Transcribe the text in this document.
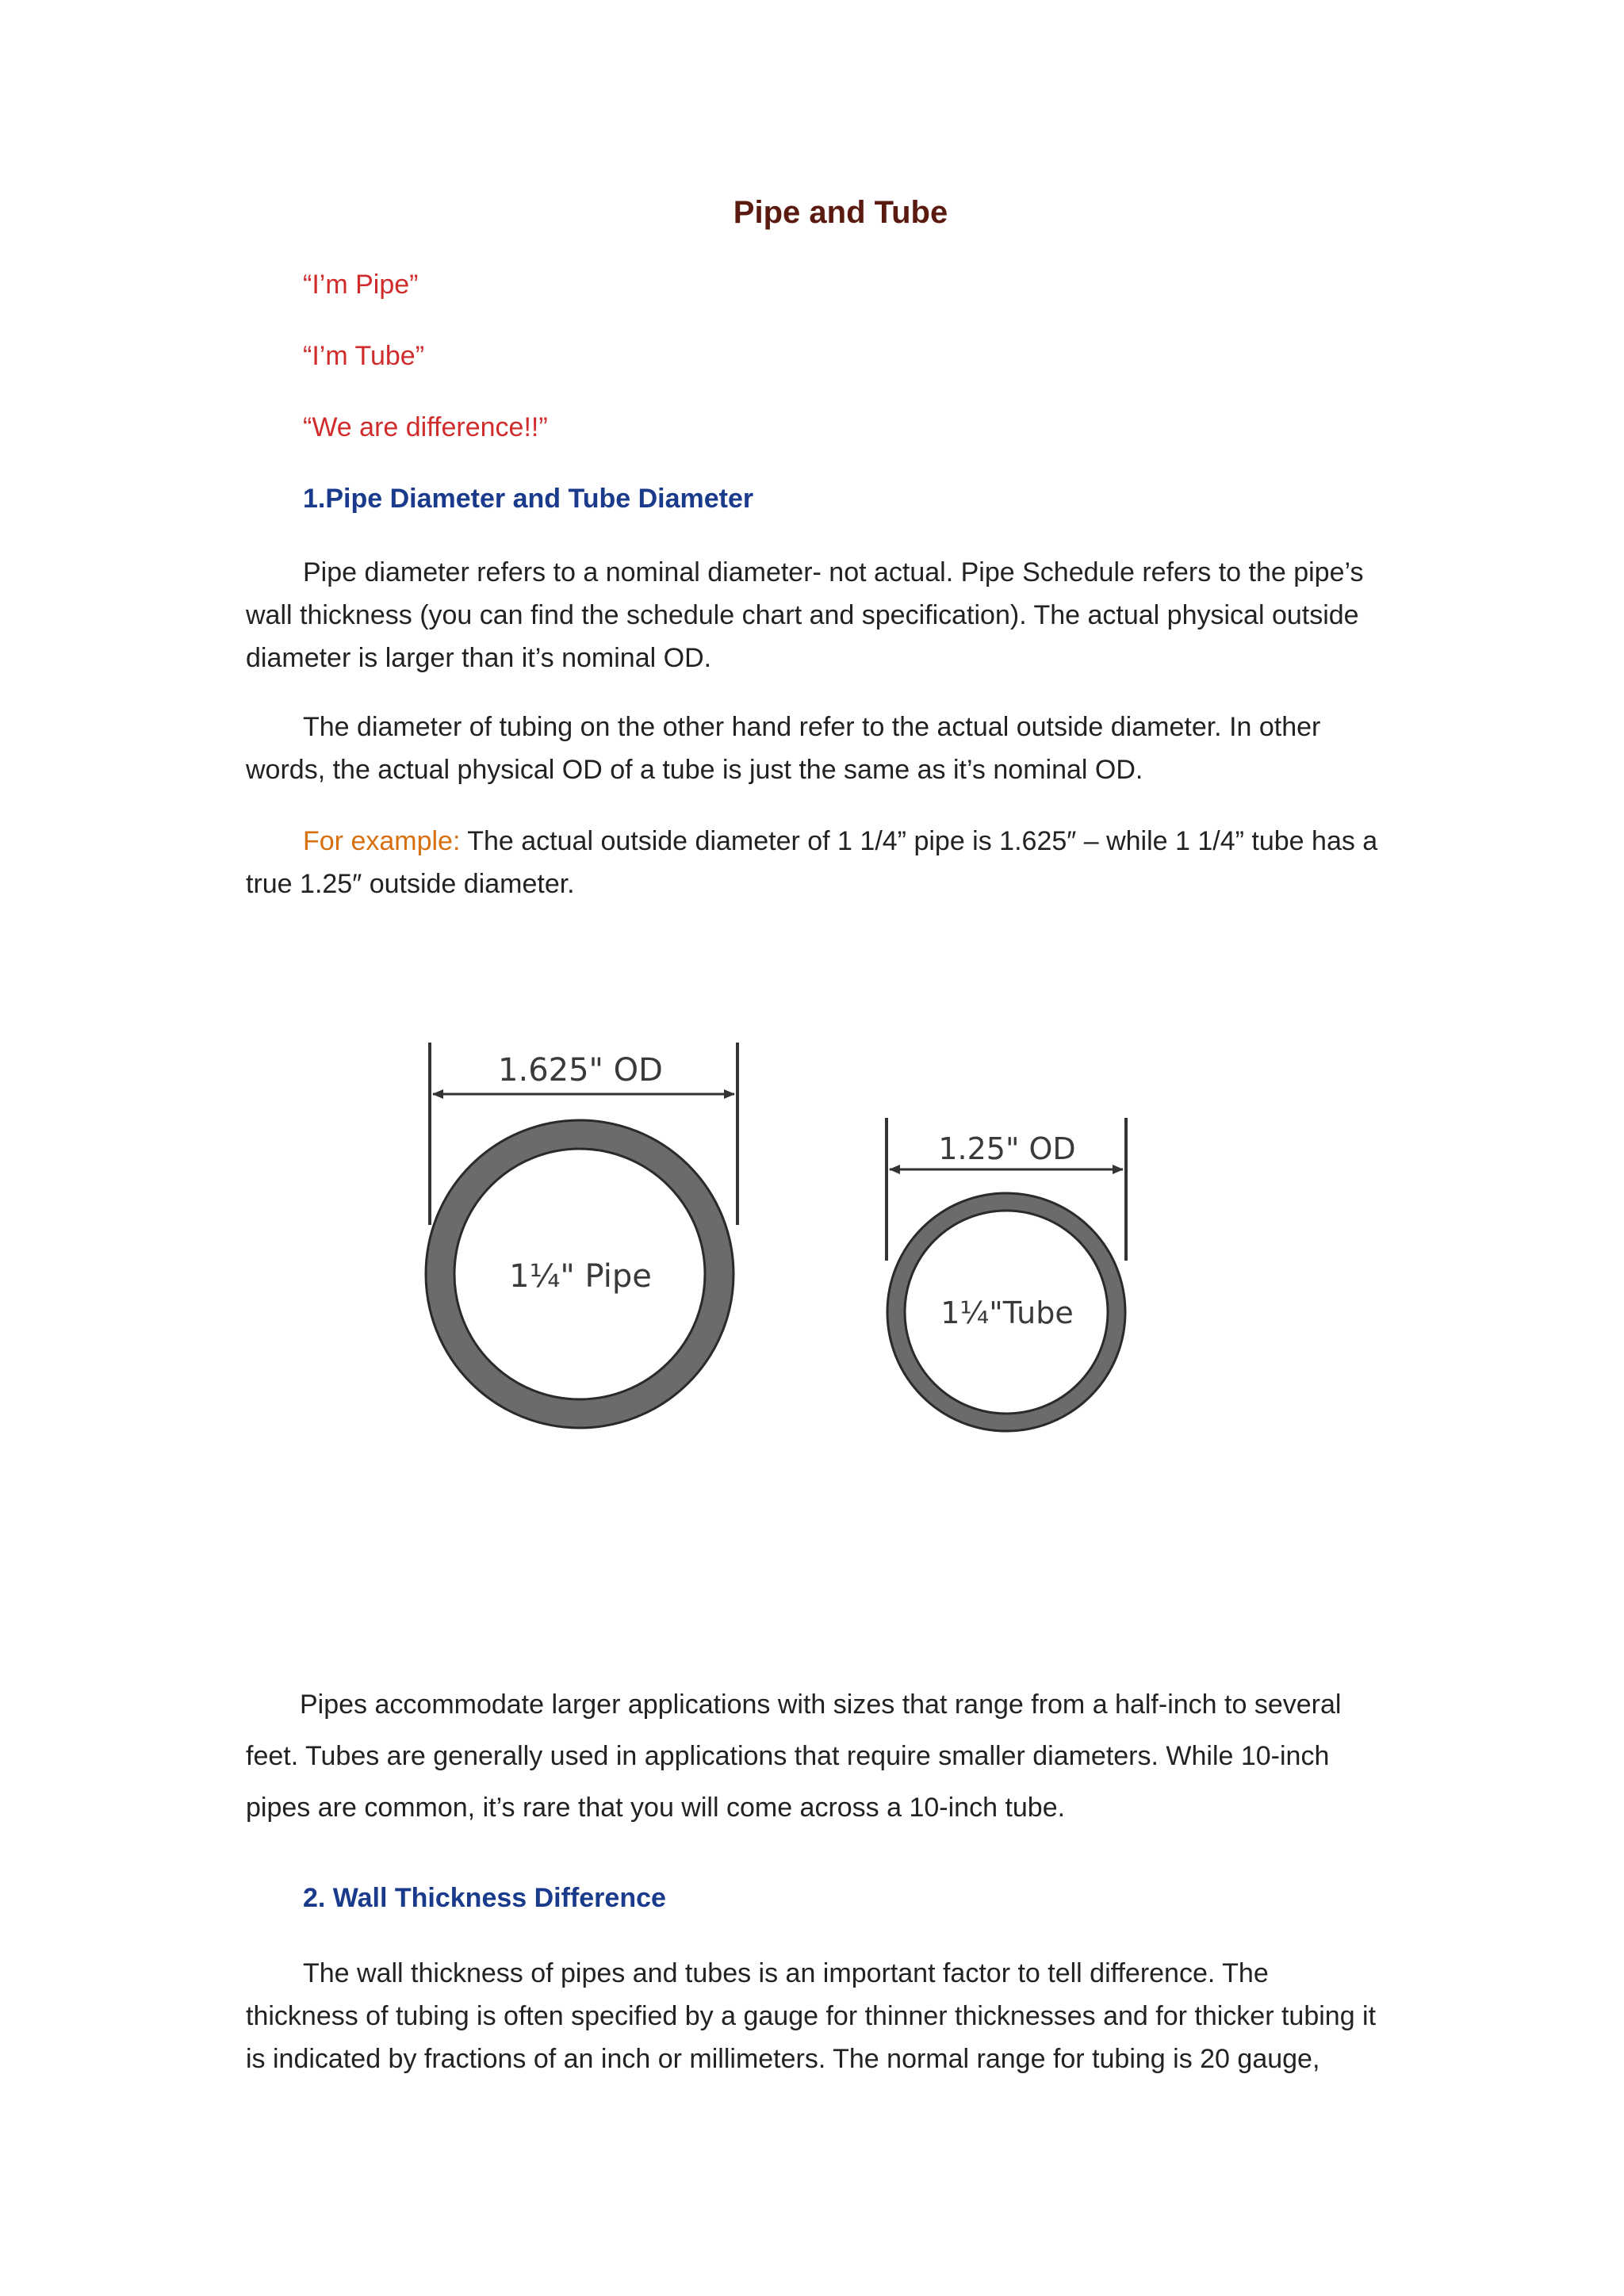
Pipe and Tube
“I’m Pipe”
“I’m Tube”
“We are difference!!”
1.Pipe Diameter and Tube Diameter
Pipe diameter refers to a nominal diameter- not actual. Pipe Schedule refers to the pipe’s wall thickness (you can find the schedule chart and specification). The actual physical outside diameter is larger than it’s nominal OD.
The diameter of tubing on the other hand refer to the actual outside diameter. In other words, the actual physical OD of a tube is just the same as it’s nominal OD.
For example: The actual outside diameter of 1 1/4” pipe is 1.625″ – while 1 1/4” tube has a true 1.25″ outside diameter.
1.625" OD
1¼" Pipe
1.25" OD
1¼"Tube
Pipes accommodate larger applications with sizes that range from a half-inch to several feet. Tubes are generally used in applications that require smaller diameters. While 10-inch pipes are common, it’s rare that you will come across a 10-inch tube.
2. Wall Thickness Difference
The wall thickness of pipes and tubes is an important factor to tell difference. The thickness of tubing is often specified by a gauge for thinner thicknesses and for thicker tubing it is indicated by fractions of an inch or millimeters. The normal range for tubing is 20 gauge,
